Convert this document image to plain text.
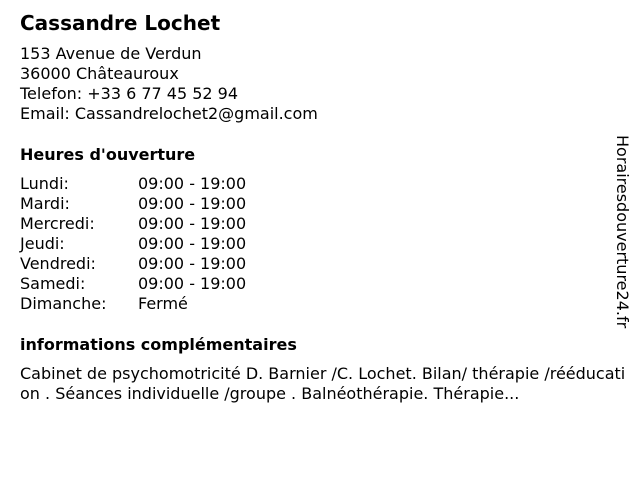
Cassandre Lochet
153 Avenue de Verdun
36000 Châteauroux
Telefon: +33 6 77 45 52 94
Email: Cassandrelochet2@gmail.com
Heures d'ouverture
Lundi:	09:00 - 19:00
Mardi:	09:00 - 19:00
Mercredi:	09:00 - 19:00
Jeudi:	09:00 - 19:00
Vendredi:	09:00 - 19:00
Samedi:	09:00 - 19:00
Dimanche:	Fermé
informations complémentaires
Cabinet de psychomotricité D. Barnier /C. Lochet. Bilan/ thérapie /rééducation . Séances individuelle /groupe . Balnéothérapie. Thérapie...
Horairesdouverture24.fr
